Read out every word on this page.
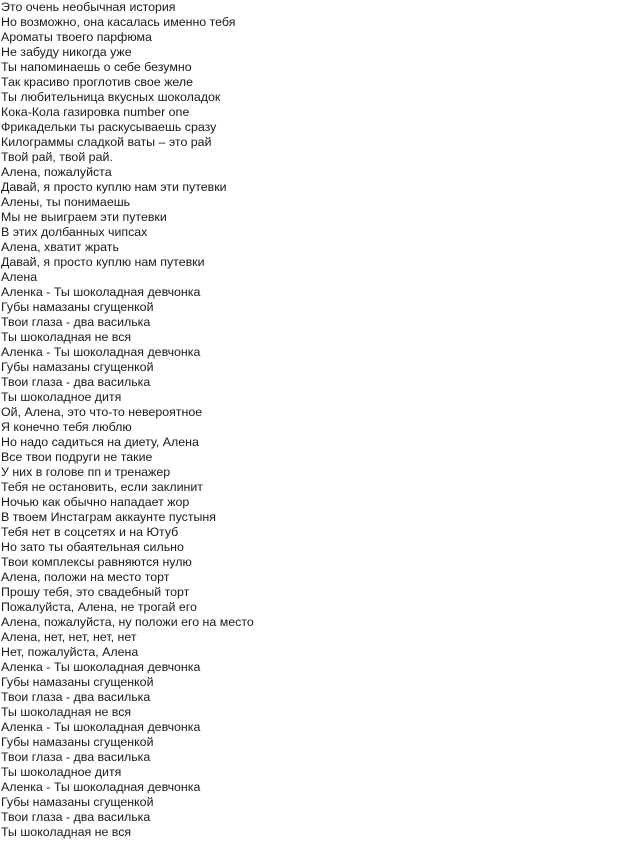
Это очень необычная история
Но возможно, она касалась именно тебя
Ароматы твоего парфюма
Не забуду никогда уже
Ты напоминаешь о себе безумно
Так красиво проглотив свое желе
Ты любительница вкусных шоколадок
Кока-Кола газировка number one
Фрикадельки ты раскусываешь сразу
Килограммы сладкой ваты – это рай
Твой рай, твой рай.
Алена, пожалуйста
Давай, я просто куплю нам эти путевки
Алены, ты понимаешь
Мы не выиграем эти путевки
В этих долбанных чипсах
Алена, хватит жрать
Давай, я просто куплю нам путевки
Алена
Аленка - Ты шоколадная девчонка
Губы намазаны сгущенкой
Твои глаза - два василька
Ты шоколадная не вся
Аленка - Ты шоколадная девчонка
Губы намазаны сгущенкой
Твои глаза - два василька
Ты шоколадное дитя
Ой, Алена, это что-то невероятное
Я конечно тебя люблю
Но надо садиться на диету, Алена
Все твои подруги не такие
У них в голове пп и тренажер
Тебя не остановить, если заклинит
Ночью как обычно нападает жор
В твоем Инстаграм аккаунте пустыня
Тебя нет в соцсетях и на Ютуб
Но зато ты обаятельная сильно
Твои комплексы равняются нулю
Алена, положи на место торт
Прошу тебя, это свадебный торт
Пожалуйста, Алена, не трогай его
Алена, пожалуйста, ну положи его на место
Алена, нет, нет, нет, нет
Нет, пожалуйста, Алена
Аленка - Ты шоколадная девчонка
Губы намазаны сгущенкой
Твои глаза - два василька
Ты шоколадная не вся
Аленка - Ты шоколадная девчонка
Губы намазаны сгущенкой
Твои глаза - два василька
Ты шоколадное дитя
Аленка - Ты шоколадная девчонка
Губы намазаны сгущенкой
Твои глаза - два василька
Ты шоколадная не вся
